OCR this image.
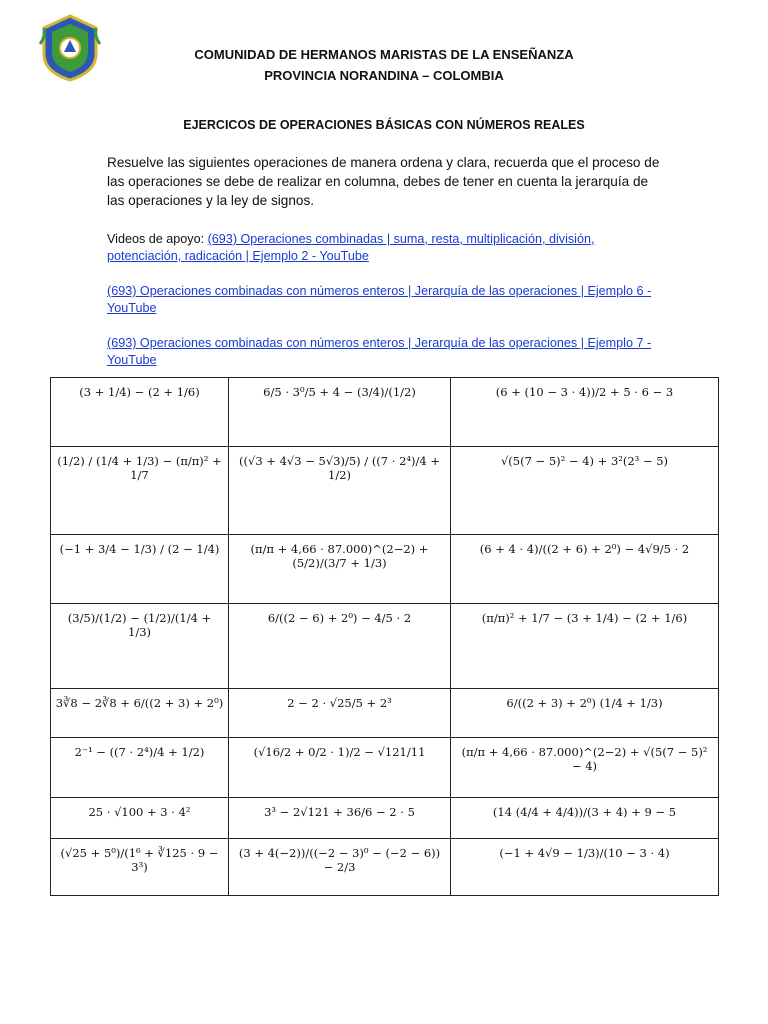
COMUNIDAD DE HERMANOS MARISTAS DE LA ENSEÑANZA
PROVINCIA NORANDINA – COLOMBIA
EJERCICOS DE OPERACIONES BÁSICAS CON NÚMEROS REALES
Resuelve las siguientes operaciones de manera ordena y clara, recuerda que el proceso de las operaciones se debe de realizar en columna, debes de tener en cuenta la jerarquía de las operaciones y la ley de signos.
Videos de apoyo: (693) Operaciones combinadas | suma, resta, multiplicación, división, potenciación, radicación | Ejemplo 2 - YouTube
(693) Operaciones combinadas con números enteros | Jerarquía de las operaciones | Ejemplo 6 - YouTube
(693) Operaciones combinadas con números enteros | Jerarquía de las operaciones | Ejemplo 7 - YouTube
(3 + 1/4) − (2 + 1/6)	6/5 · 3⁰/5 + 4 − (3/4)/(1/2)	(6 + (10 − 3 · 4))/2 + 5 · 6 − 3
(1/2) / (1/4 + 1/3) − (π/π)² + 1/7	((√3 + 4√3 − 5√3)/5) / ((7 · 2⁴)/4 + 1/2)	√(5(7 − 5)² − 4) + 3²(2³ − 5)
(−1 + 3/4 − 1/3) / (2 − 1/4)	(π/π + 4,66 · 87.000)^(2−2) + (5/2)/(3/7 + 1/3)	(6 + 4 · 4)/((2 + 6) + 2⁰) − 4√9/5 · 2
(3/5)/(1/2) − (1/2)/(1/4 + 1/3)	6/((2 − 6) + 2⁰) − 4/5 · 2	(π/π)² + 1/7 − (3 + 1/4) − (2 + 1/6)
3∛8 − 2∛8 + 6/((2 + 3) + 2⁰)	2 − 2 · √25/5 + 2³	6/((2 + 3) + 2⁰) (1/4 + 1/3)
2⁻¹ − ((7 · 2⁴)/4 + 1/2)	(√16/2 + 0/2 · 1)/2 − √121/11	(π/π + 4,66 · 87.000)^(2−2) + √(5(7 − 5)² − 4)
25 · √100 + 3 · 4²	3³ − 2√121 + 36/6 − 2 · 5	(14 (4/4 + 4/4))/(3 + 4) + 9 − 5
(√25 + 5⁰)/(1⁶ + ∛125 · 9 − 3³)	(3 + 4(−2))/((−2 − 3)⁰ − (−2 − 6)) − 2/3	(−1 + 4√9 − 1/3)/(10 − 3 · 4)
